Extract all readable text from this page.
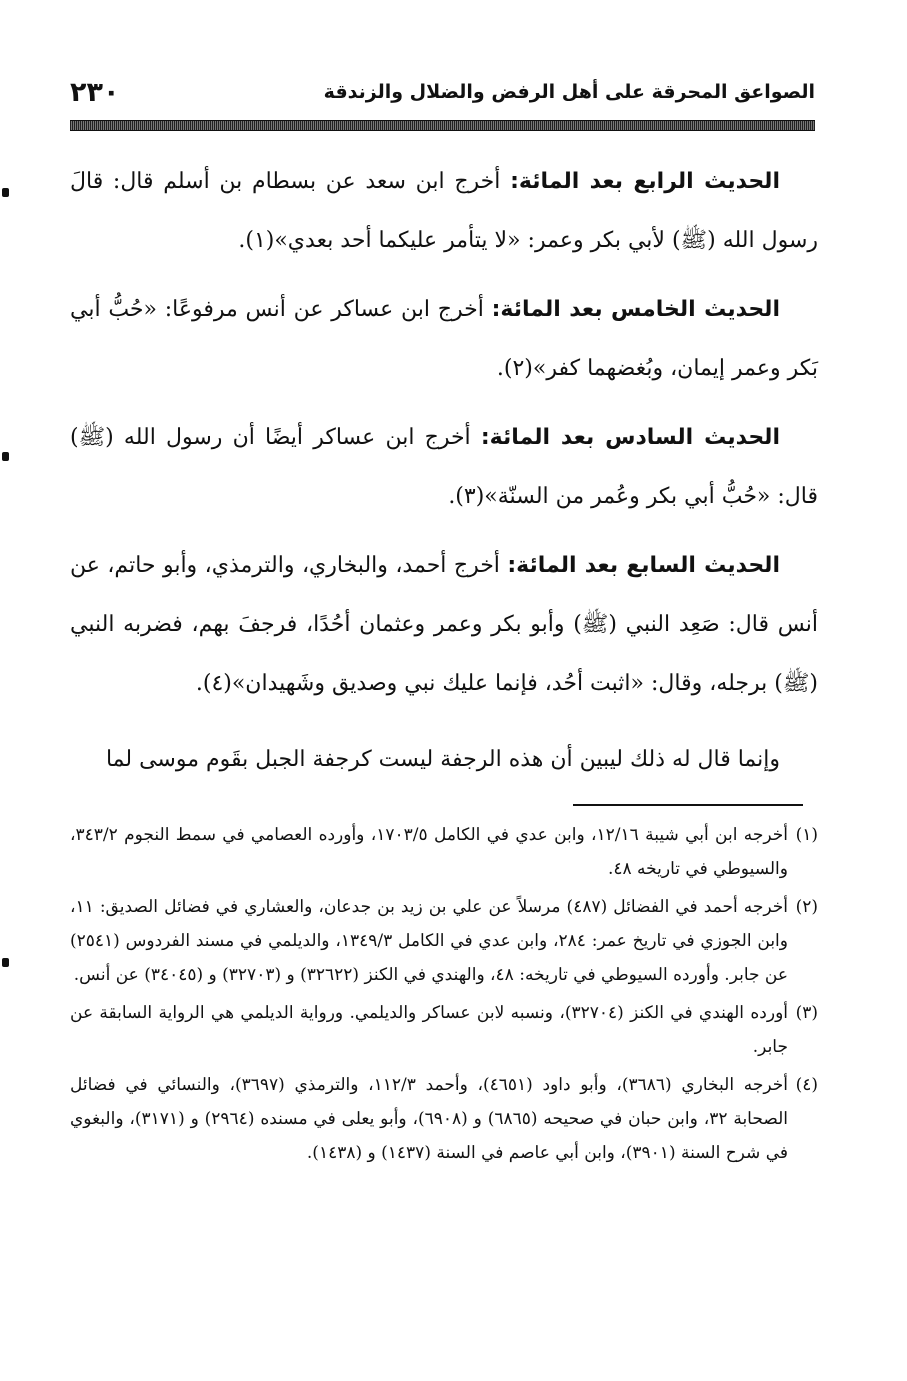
الصواعق المحرقة على أهل الرفض والضلال والزندقة
٢٣٠

الحديث الرابع بعد المائة: أخرج ابن سعد عن بسطام بن أسلم قال: قالَ رسول الله (ﷺ) لأبي بكر وعمر: «لا يتأمر عليكما أحد بعدي»(١).

الحديث الخامس بعد المائة: أخرج ابن عساكر عن أنس مرفوعًا: «حُبُّ أبي بَكر وعمر إيمان، وبُغضهما كفر»(٢).

الحديث السادس بعد المائة: أخرج ابن عساكر أيضًا أن رسول الله (ﷺ) قال: «حُبُّ أبي بكر وعُمر من السنّة»(٣).

الحديث السابع بعد المائة: أخرج أحمد، والبخاري، والترمذي، وأبو حاتم، عن أنس قال: صَعِد النبي (ﷺ) وأبو بكر وعمر وعثمان أحُدًا، فرجفَ بهم، فضربه النبي (ﷺ) برجله، وقال: «اثبت أحُد، فإنما عليك نبي وصديق وشَهيدان»(٤).

وإنما قال له ذلك ليبين أن هذه الرجفة ليست كرجفة الجبل بقَوم موسى لما
(١)
أخرجه ابن أبي شيبة ١٢/١٦، وابن عدي في الكامل ١٧٠٣/٥، وأورده العصامي في سمط النجوم ٣٤٣/٢، والسيوطي في تاريخه ٤٨.
(٢)
أخرجه أحمد في الفضائل (٤٨٧) مرسلاً عن علي بن زيد بن جدعان، والعشاري في فضائل الصديق: ١١، وابن الجوزي في تاريخ عمر: ٢٨٤، وابن عدي في الكامل ١٣٤٩/٣، والديلمي في مسند الفردوس (٢٥٤١) عن جابر. وأورده السيوطي في تاريخه: ٤٨، والهندي في الكنز (٣٢٦٢٢) و (٣٢٧٠٣) و (٣٤٠٤٥) عن أنس.
(٣)
أورده الهندي في الكنز (٣٢٧٠٤)، ونسبه لابن عساكر والديلمي. ورواية الديلمي هي الرواية السابقة عن جابر.
(٤)
أخرجه البخاري (٣٦٨٦)، وأبو داود (٤٦٥١)، وأحمد ١١٢/٣، والترمذي (٣٦٩٧)، والنسائي في فضائل الصحابة ٣٢، وابن حبان في صحيحه (٦٨٦٥) و (٦٩٠٨)، وأبو يعلى في مسنده (٢٩٦٤) و (٣١٧١)، والبغوي في شرح السنة (٣٩٠١)، وابن أبي عاصم في السنة (١٤٣٧) و (١٤٣٨).
